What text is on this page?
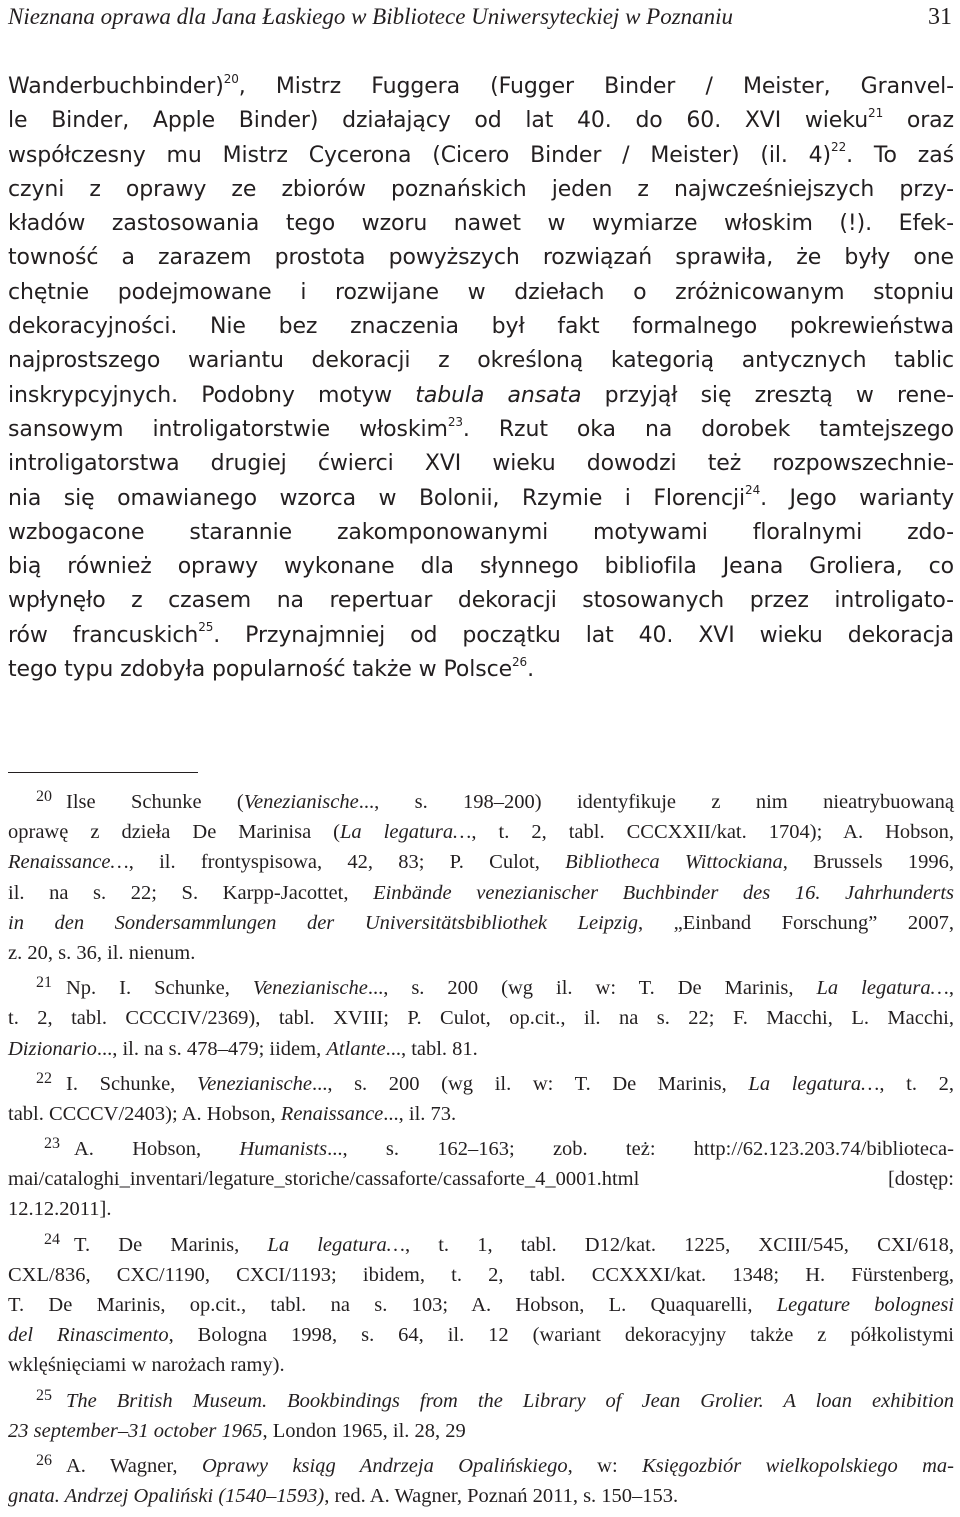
Nieznana oprawa dla Jana Łaskiego w Bibliotece Uniwersyteckiej w Poznaniu	31
Wanderbuchbinder)$^{20}$, Mistrz Fuggera (Fugger Binder / Meister, Granvel-
le Binder, Apple Binder) działający od lat 40. do 60. XVI wieku$^{21}$ oraz
współczesny mu Mistrz Cycerona (Cicero Binder / Meister) (il. 4)$^{22}$. To zaś
czyni z oprawy ze zbiorów poznańskich jeden z najwcześniejszych przy-
kładów zastosowania tego wzoru nawet w wymiarze włoskim (!). Efek-
towność a zarazem prostota powyższych rozwiązań sprawiła, że były one
chętnie podejmowane i rozwijane w dziełach o zróżnicowanym stopniu
dekoracyjności. Nie bez znaczenia był fakt formalnego pokrewieństwa
najprostszego wariantu dekoracji z określoną kategorią antycznych tablic
inskrypcyjnych. Podobny motyw tabula ansata przyjął się zresztą w rene-
sansowym introligatorstwie włoskim$^{23}$. Rzut oka na dorobek tamtejszego
introligatorstwa drugiej ćwierci XVI wieku dowodzi też rozpowszechnie-
nia się omawianego wzorca w Bolonii, Rzymie i Florencji$^{24}$. Jego warianty
wzbogacone starannie zakomponowanymi motywami floralnymi zdo-
bią również oprawy wykonane dla słynnego bibliofila Jeana Groliera, co
wpłynęło z czasem na repertuar dekoracji stosowanych przez introligato-
rów francuskich$^{25}$. Przynajmniej od początku lat 40. XVI wieku dekoracja
tego typu zdobyła popularność także w Polsce$^{26}$.
20 Ilse Schunke (Venezianische..., s. 198–200) identyfikuje z nim nieatrybuowaną
oprawę z dzieła De Marinisa (La legatura…, t. 2, tabl. CCCXXII/kat. 1704); A. Hobson,
Renaissance…, il. frontyspisowa, 42, 83; P. Culot, Bibliotheca Wittockiana, Brussels 1996,
il. na s. 22; S. Karpp-Jacottet, Einbände venezianischer Buchbinder des 16. Jahrhunderts
in den Sondersammlungen der Universitätsbibliothek Leipzig, „Einband Forschung” 2007,
z. 20, s. 36, il. nienum.
21 Np. I. Schunke, Venezianische..., s. 200 (wg il. w: T. De Marinis, La legatura…,
t. 2, tabl. CCCCIV/2369), tabl. XVIII; P. Culot, op.cit., il. na s. 22; F. Macchi, L. Macchi,
Dizionario..., il. na s. 478–479; iidem, Atlante..., tabl. 81.
22 I. Schunke, Venezianische..., s. 200 (wg il. w: T. De Marinis, La legatura…, t. 2,
tabl. CCCCV/2403); A. Hobson, Renaissance..., il. 73.
23 A. Hobson, Humanists..., s. 162–163; zob. też: http://62.123.203.74/biblioteca-
mai/cataloghi_inventari/legature_storiche/cassaforte/cassaforte_4_0001.html [dostęp:
12.12.2011].
24 T. De Marinis, La legatura…, t. 1, tabl. D12/kat. 1225, XCIII/545, CXI/618,
CXL/836, CXC/1190, CXCI/1193; ibidem, t. 2, tabl. CCXXXI/kat. 1348; H. Fürstenberg,
T. De Marinis, op.cit., tabl. na s. 103; A. Hobson, L. Quaquarelli, Legature bolognesi
del Rinascimento, Bologna 1998, s. 64, il. 12 (wariant dekoracyjny także z półkolistymi
wklęśnięciami w narożach ramy).
25 The British Museum. Bookbindings from the Library of Jean Grolier. A loan exhibition
23 september–31 october 1965, London 1965, il. 28, 29
26 A. Wagner, Oprawy ksiąg Andrzeja Opalińskiego, w: Księgozbiór wielkopolskiego ma-
gnata. Andrzej Opaliński (1540–1593), red. A. Wagner, Poznań 2011, s. 150–153.
